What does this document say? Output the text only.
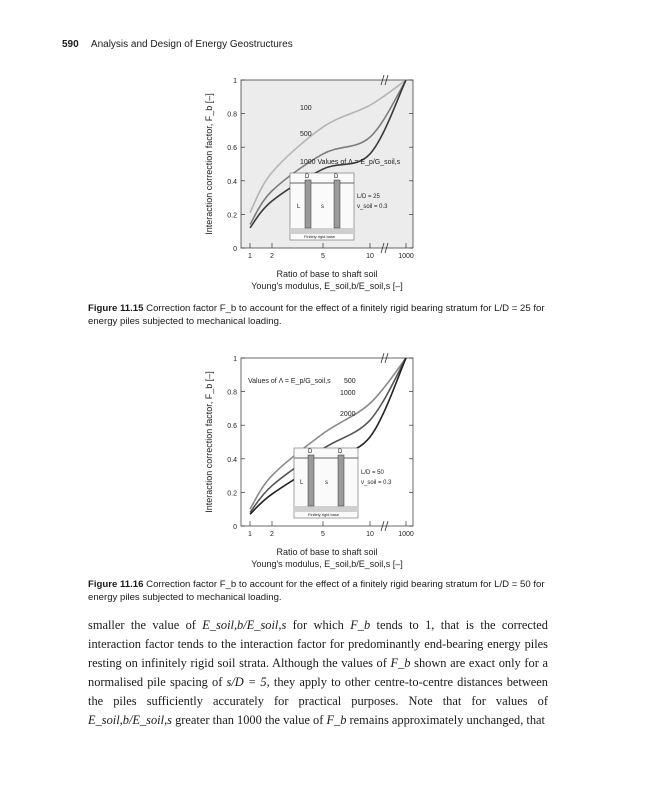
590 Analysis and Design of Energy Geostructures
0
0.2
0.4
0.6
0.8
1
1	2	5	10	1000
100
500
1000 Values of Λ = E_p/G_soil,s
D	D
L	s
L/D = 25
ν_soil = 0.3
Finitely rigid base
Interaction correction factor, F_b [–]
Ratio of base to shaft soil
Young's modulus, E_soil,b/E_soil,s [–]
Figure 11.15 Correction factor F_b to account for the effect of a finitely rigid bearing stratum for L/D = 25 for energy piles subjected to mechanical loading.
0
0.2
0.4
0.6
0.8
1
1	2	5	10	1000
Values of Λ = E_p/G_soil,s 500
1000
2000
D	D
L	s
L/D = 50
ν_soil = 0.3
Finitely rigid base
Interaction correction factor, F_b [–]
Ratio of base to shaft soil
Young's modulus, E_soil,b/E_soil,s [–]
Figure 11.16 Correction factor F_b to account for the effect of a finitely rigid bearing stratum for L/D = 50 for energy piles subjected to mechanical loading.
smaller the value of E_soil,b/E_soil,s for which F_b tends to 1, that is the corrected interaction factor tends to the interaction factor for predominantly end-bearing energy piles resting on infinitely rigid soil strata. Although the values of F_b shown are exact only for a normalised pile spacing of s/D = 5, they apply to other centre-to-centre distances between the piles sufficiently accurately for practical purposes. Note that for values of E_soil,b/E_soil,s greater than 1000 the value of F_b remains approximately unchanged, that
